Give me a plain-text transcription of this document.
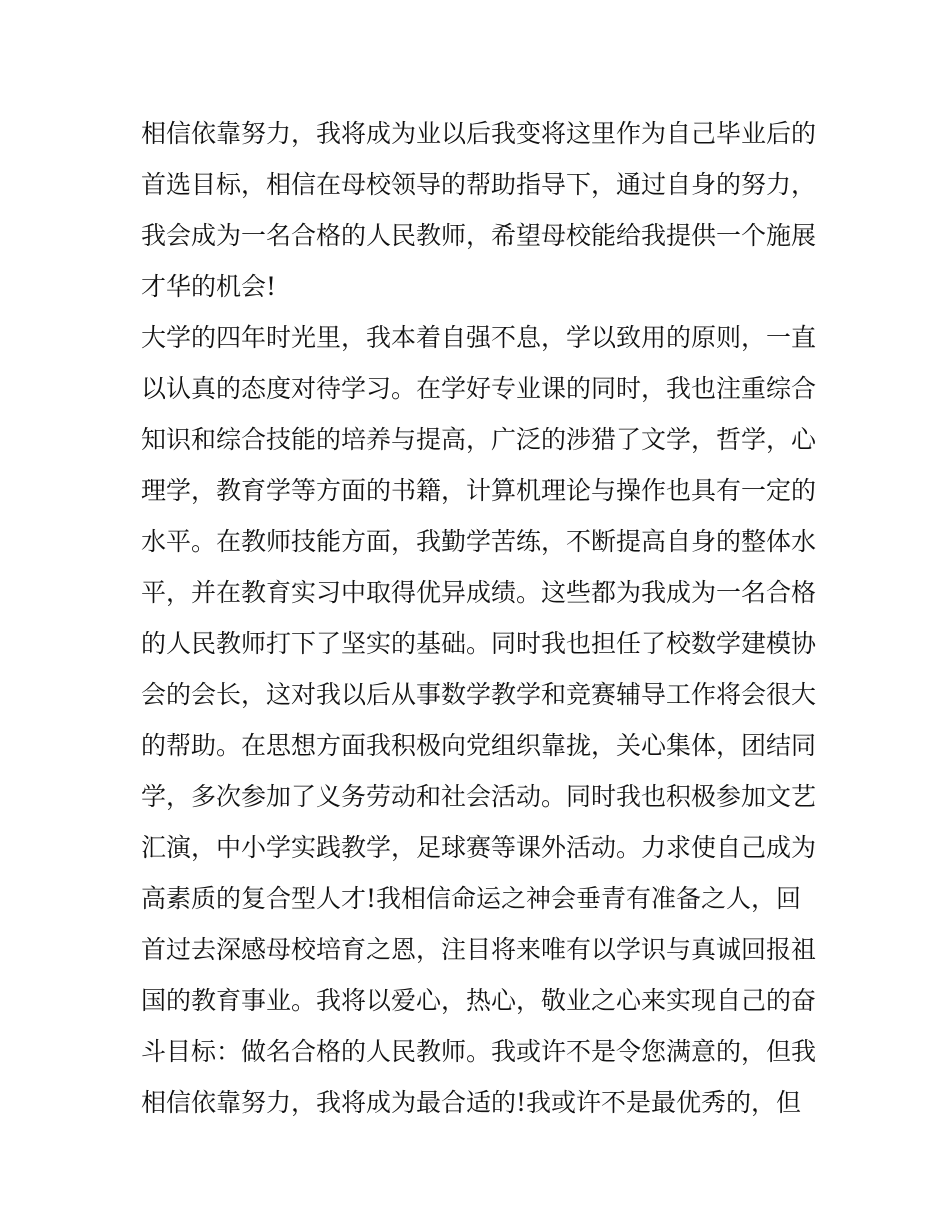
相信依靠努力，我将成为业以后我变将这里作为自己毕业后的
首选目标，相信在母校领导的帮助指导下，通过自身的努力，
我会成为一名合格的人民教师，希望母校能给我提供一个施展
才华的机会!
大学的四年时光里，我本着自强不息，学以致用的原则，一直
以认真的态度对待学习。在学好专业课的同时，我也注重综合
知识和综合技能的培养与提高，广泛的涉猎了文学，哲学，心
理学，教育学等方面的书籍，计算机理论与操作也具有一定的
水平。在教师技能方面，我勤学苦练，不断提高自身的整体水
平，并在教育实习中取得优异成绩。这些都为我成为一名合格
的人民教师打下了坚实的基础。同时我也担任了校数学建模协
会的会长，这对我以后从事数学教学和竞赛辅导工作将会很大
的帮助。在思想方面我积极向党组织靠拢，关心集体，团结同
学，多次参加了义务劳动和社会活动。同时我也积极参加文艺
汇演，中小学实践教学，足球赛等课外活动。力求使自己成为
高素质的复合型人才!我相信命运之神会垂青有准备之人，回
首过去深感母校培育之恩，注目将来唯有以学识与真诚回报祖
国的教育事业。我将以爱心，热心，敬业之心来实现自己的奋
斗目标：做名合格的人民教师。我或许不是令您满意的，但我
相信依靠努力，我将成为最合适的!我或许不是最优秀的，但
